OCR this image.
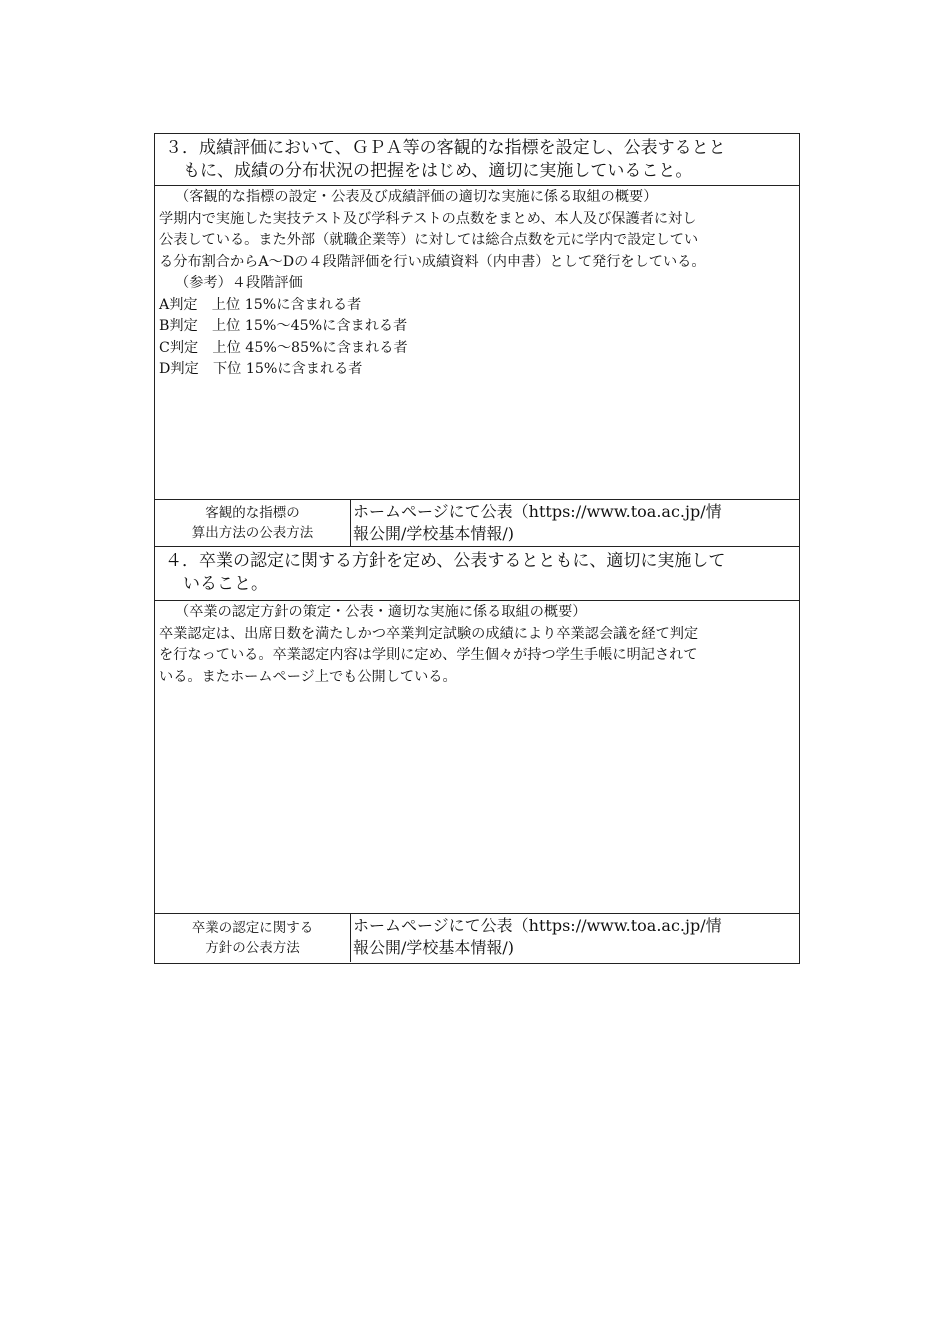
３．成績評価において、ＧＰＡ等の客観的な指標を設定し、公表するとと
もに、成績の分布状況の把握をはじめ、適切に実施していること。
（客観的な指標の設定・公表及び成績評価の適切な実施に係る取組の概要）
学期内で実施した実技テスト及び学科テストの点数をまとめ、本人及び保護者に対し
公表している。また外部（就職企業等）に対しては総合点数を元に学内で設定してい
る分布割合からA～Dの４段階評価を行い成績資料（内申書）として発行をしている。
（参考）４段階評価
A判定　上位 15%に含まれる者
B判定　上位 15%～45%に含まれる者
C判定　上位 45%～85%に含まれる者
D判定　下位 15%に含まれる者
客観的な指標の
算出方法の公表方法
ホームページにて公表（https://www.toa.ac.jp/情
報公開/学校基本情報/)
４．卒業の認定に関する方針を定め、公表するとともに、適切に実施して
いること。
（卒業の認定方針の策定・公表・適切な実施に係る取組の概要）
卒業認定は、出席日数を満たしかつ卒業判定試験の成績により卒業認会議を経て判定
を行なっている。卒業認定内容は学則に定め、学生個々が持つ学生手帳に明記されて
いる。またホームページ上でも公開している。
卒業の認定に関する
方針の公表方法
ホームページにて公表（https://www.toa.ac.jp/情
報公開/学校基本情報/)
